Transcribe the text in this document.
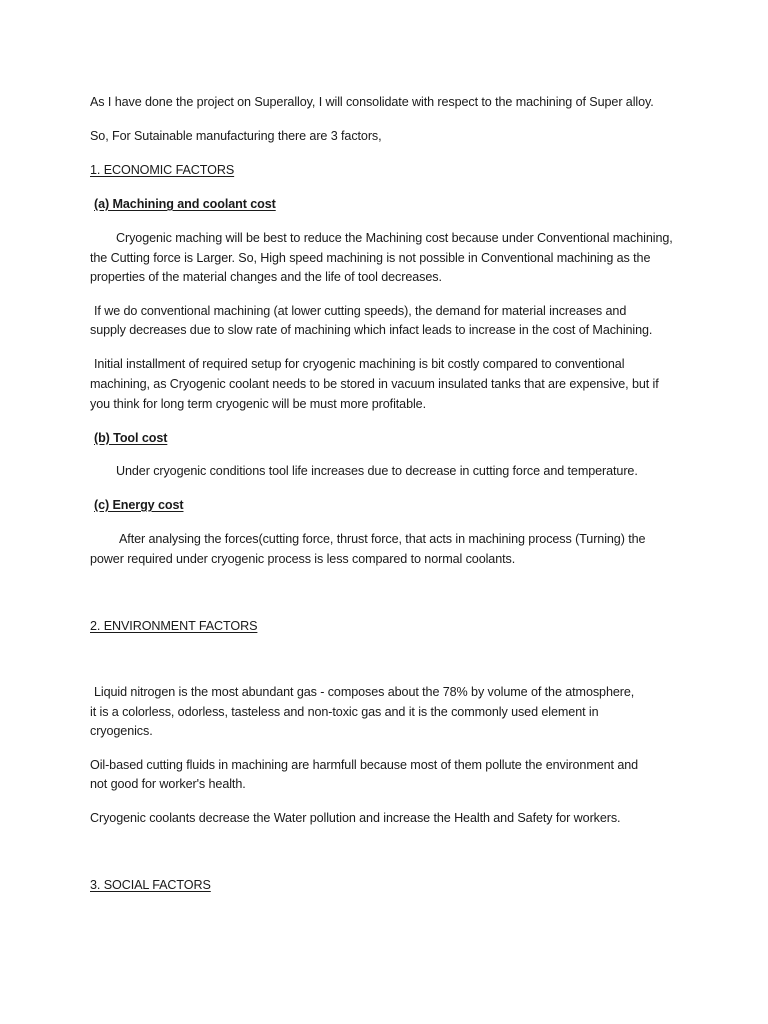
As I have done the project on Superalloy, I will consolidate with respect to the machining of Super alloy.
So, For Sutainable manufacturing there are 3 factors,
1. ECONOMIC FACTORS
(a) Machining and coolant cost
Cryogenic maching will be best to reduce the Machining cost because under Conventional machining,
the Cutting force is Larger. So, High speed machining is not possible in Conventional machining as the
properties of the material changes and the life of tool decreases.
If we do conventional machining (at lower cutting speeds), the demand for material increases and
supply decreases due to slow rate of machining which infact leads to increase in the cost of Machining.
Initial installment of required setup for cryogenic machining is bit costly compared to conventional
machining, as Cryogenic coolant needs to be stored in vacuum insulated tanks that are expensive, but if
you think for long term cryogenic will be must more profitable.
(b) Tool cost
Under cryogenic conditions tool life increases due to decrease in cutting force and temperature.
(c) Energy cost
After analysing the forces(cutting force, thrust force, that acts in machining process (Turning) the
power required under cryogenic process is less compared to normal coolants.
2. ENVIRONMENT FACTORS
Liquid nitrogen is the most abundant gas - composes about the 78% by volume of the atmosphere,
it is a colorless, odorless, tasteless and non-toxic gas and it is the commonly used element in
cryogenics.
Oil-based cutting fluids in machining are harmfull because most of them pollute the environment and
not good for worker's health.
Cryogenic coolants decrease the Water pollution and increase the Health and Safety for workers.
3. SOCIAL FACTORS
